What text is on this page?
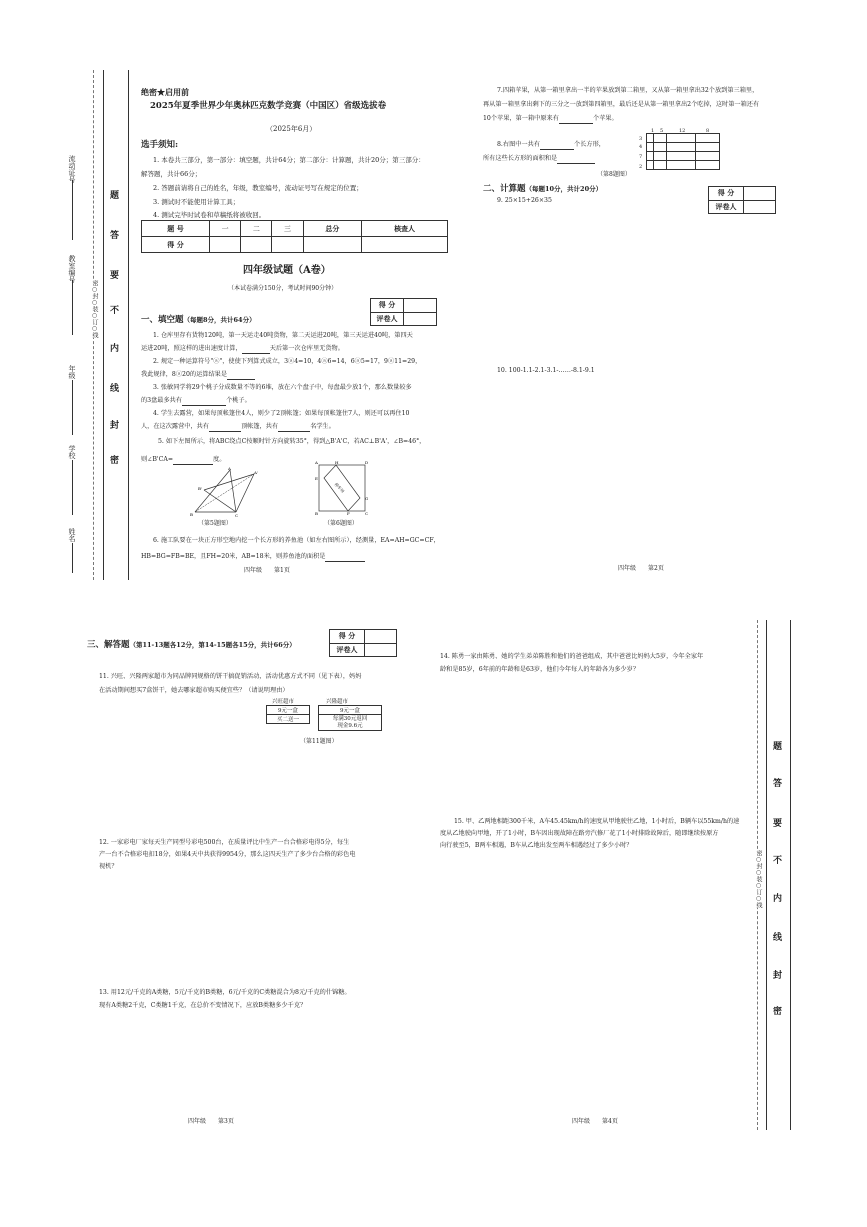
流动证号
教室编号
年级
学校
姓名
密○封○装○订○线
题
答
要
不
内
线
封
密
绝密★启用前
2025年夏季世界少年奥林匹克数学竞赛（中国区）省级选拔卷
（2025年6月）
选手须知:
1. 本卷共三部分，第一部分：填空题，共计64分；第二部分：计算题，共计20分；第三部分：
解答题，共计66分；
2. 答题前请将自己的姓名，年级，教室编号，流动证号写在规定的位置；
3. 测试时不能使用计算工具；
4. 测试完毕时试卷和草稿纸将被收回。
题 号	一	二	三	总分	核查人
得 分					
四年级试题（A卷）
（本试卷满分150分，考试时间90分钟）
得 分	
评卷人	
一、填空题（每题8分，共计64分）
1. 仓库里存有货物120吨，第一天运走40吨货物，第二天运进20吨，第三天运进40吨，第四天
运进20吨，照这样的进出速度计算，	天后第一次仓库里无货物。
2. 规定一种运算符号"ⓐ"，使使下列算式成立，3ⓐ4=10，4ⓐ6=14，6ⓐ5=17，9ⓐ11=29，
我此规律，8ⓐ20的运算结果是
3. 张敏同学将29个桃子分成数量不等的6堆，放在六个盘子中，每盘最少放1个，那么数量较多
的3盘最多共有	个桃子。
4. 学生去露营，如果每顶帐篷住4人，则少了2顶帐篷；如果每顶帐篷住7人，则还可以再住10
人，在这次露营中，共有	顶帐篷，共有	名学生。
5. 如下左图所示，将ABC绕点C按顺时针方向旋转35°，得到△B'A'C，若AC⊥B'A'，∠B=46°，
则∠B'CA=	度。
A
B	C
B'
A'
（第5题图）
停车场
A	H	D
E
G
B	F	C
（第6题图）
6. 施工队要在一块正方形空地内挖一个长方形的养鱼池（如左右图所示），经测量，EA=AH=GC=CF，
HB=BG=FB=BE，且FH=20米，AB=18米，则养鱼池的面积是
四年级　　第1页
7.四箱苹果，从第一箱里拿出一半的苹果放到第二箱里，又从第一箱里拿出32个放到第三箱里，
再从第一箱里拿出剩下的三分之一放到第四箱里，最后还是从第一箱里拿出2个吃掉，这时第一箱还有
10个苹果，第一箱中原来有	个苹果。
8.右图中一共有	个长方形，
所有这些长方形的面积和是
1 5	12	8
3
4
7
2

（第8题图）
二、计算题（每题10分，共计20分）	得 分	
评卷人	
9. 25×15+26×35
10. 100-1.1-2.1-3.1-……-8.1-9.1
四年级　　第2页
三、解答题（第11-13题各12分，第14-15题各15分，共计66分）
得 分	
评卷人	
11. 兴旺、兴隆两家超市为同品牌同规格的饼干搞促销活动，活动优惠方式不同（见下表），妈妈
在活动期间想买7盒饼干，她去哪家超市购买便宜些？（请说明理由）
兴旺超市	兴隆超市
9元一盒
买二送一
9元一盒
每满30元返回
现金9.6元
（第11题图）
12. 一家彩电厂家每天生产同型号彩电500台，在质量评比中生产一台合格彩电得5分，每生
产一台不合格彩电扣18分，如果4天中共获得9954分，那么这四天生产了多少台合格的彩色电
视机？
13. 用12元/千克的A类糖，5元/千克的B类糖，6元/千克的C类糖混合为8元/千克的什锦糖。
现有A类糖2千克，C类糖1千克，在总价不变情况下，应放B类糖多少千克？
四年级　　第3页
14. 陈勇一家由陈勇、她的学生弟弟陈胜和他们的爸爸组成，其中爸爸比妈妈大5岁，今年全家年
龄和是85岁，6年前的年龄和是63岁，他们今年每人的年龄各为多少岁？
15. 甲、乙两地相距300千米，A车45.45km/h的速度从甲地驶往乙地，1小时后，B辆车以55km/h的速
度从乙地驶向甲地，开了1小时，B车因出现故障在路旁汽修厂花了1小时排除故障后，随即继续按原方
向行驶至5，B两车相遇，B车从乙地出发至两车相遇经过了多少小时？
四年级　　第4页
密○封○装○订○线
题
答
要
不
内
线
封
密
